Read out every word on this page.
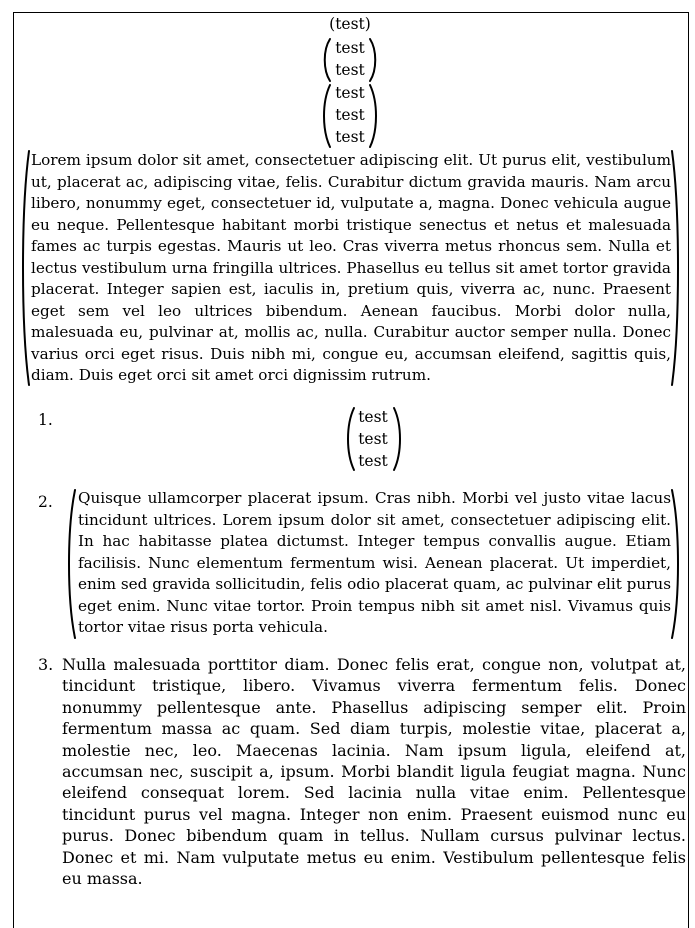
(test)
test
test
test
test
test
Lorem ipsum dolor sit amet, consectetuer adipiscing elit. Ut purus elit, vestibulum ut, placerat ac, adipiscing vitae, felis. Curabitur dictum gravida mauris. Nam arcu libero, nonummy eget, consectetuer id, vulputate a, magna. Donec vehicula augue eu neque. Pellentesque habitant morbi tristique senectus et netus et malesuada fames ac turpis egestas. Mauris ut leo. Cras viverra metus rhoncus sem. Nulla et lectus vestibulum urna fringilla ultrices. Phasellus eu tellus sit amet tortor gravida placerat. Integer sapien est, iaculis in, pretium quis, viverra ac, nunc. Praesent eget sem vel leo ultrices bibendum. Aenean faucibus. Morbi dolor nulla, malesuada eu, pulvinar at, mollis ac, nulla. Curabitur auctor semper nulla. Donec varius orci eget risus. Duis nibh mi, congue eu, accumsan eleifend, sagittis quis, diam. Duis eget orci sit amet orci dignissim rutrum.
1.	test
test
test
2. Quisque ullamcorper placerat ipsum. Cras nibh. Morbi vel justo vitae lacus tincidunt ultrices. Lorem ipsum dolor sit amet, consectetuer adipiscing elit. In hac habitasse platea dictumst. Integer tempus convallis augue. Etiam facilisis. Nunc elementum fermentum wisi. Aenean placerat. Ut imperdiet, enim sed gravida sollicitudin, felis odio placerat quam, ac pulvinar elit purus eget enim. Nunc vitae tortor. Proin tempus nibh sit amet nisl. Vivamus quis tortor vitae risus porta vehicula.
3. Nulla malesuada porttitor diam. Donec felis erat, congue non, volutpat at, tincidunt tristique, libero. Vivamus viverra fermentum felis. Donec nonummy pellentesque ante. Phasellus adipiscing semper elit. Proin fermentum massa ac quam. Sed diam turpis, molestie vitae, placerat a, molestie nec, leo. Maecenas lacinia. Nam ipsum ligula, eleifend at, accumsan nec, suscipit a, ipsum. Morbi blandit ligula feugiat magna. Nunc eleifend consequat lorem. Sed lacinia nulla vitae enim. Pellentesque tincidunt purus vel magna. Integer non enim. Praesent euismod nunc eu purus. Donec bibendum quam in tellus. Nullam cursus pulvinar lectus. Donec et mi. Nam vulputate metus eu enim. Vestibulum pellentesque felis eu massa.
